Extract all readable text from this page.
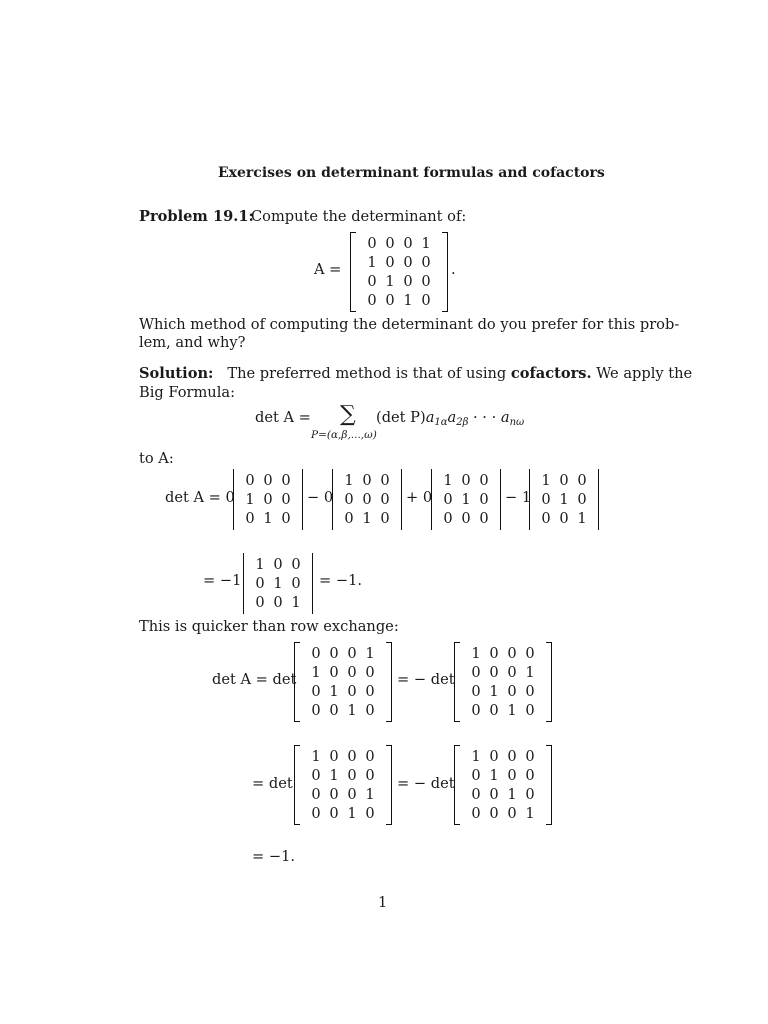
Exercises on determinant formulas and cofactors
Problem 19.1:
Compute the determinant of:
A =
0 0 0 1
1 0 0 0
0 1 0 0
0 0 1 0
.
Which method of computing the determinant do you prefer for this prob-
lem, and why?
Solution: The preferred method is that of using cofactors. We apply the
Big Formula:
det A = ∑
P=(α,β,...,ω)
(det $P)a_{1\alpha}a_{2\beta}$ · · · $a_{n\omega}$
to A:
det A = 0
0 0 0
1 0 0
0 1 0
− 0
1 0 0
0 0 0
0 1 0
+ 0
1 0 0
0 1 0
0 0 0
− 1
1 0 0
0 1 0
0 0 1
= −1
1 0 0
0 1 0
0 0 1
= −1.
This is quicker than row exchange:
det A = det
0 0 0 1
1 0 0 0
0 1 0 0
0 0 1 0
= − det
1 0 0 0
0 0 0 1
0 1 0 0
0 0 1 0
= det
1 0 0 0
0 1 0 0
0 0 0 1
0 0 1 0
= − det
1 0 0 0
0 1 0 0
0 0 1 0
0 0 0 1
= −1.
1
